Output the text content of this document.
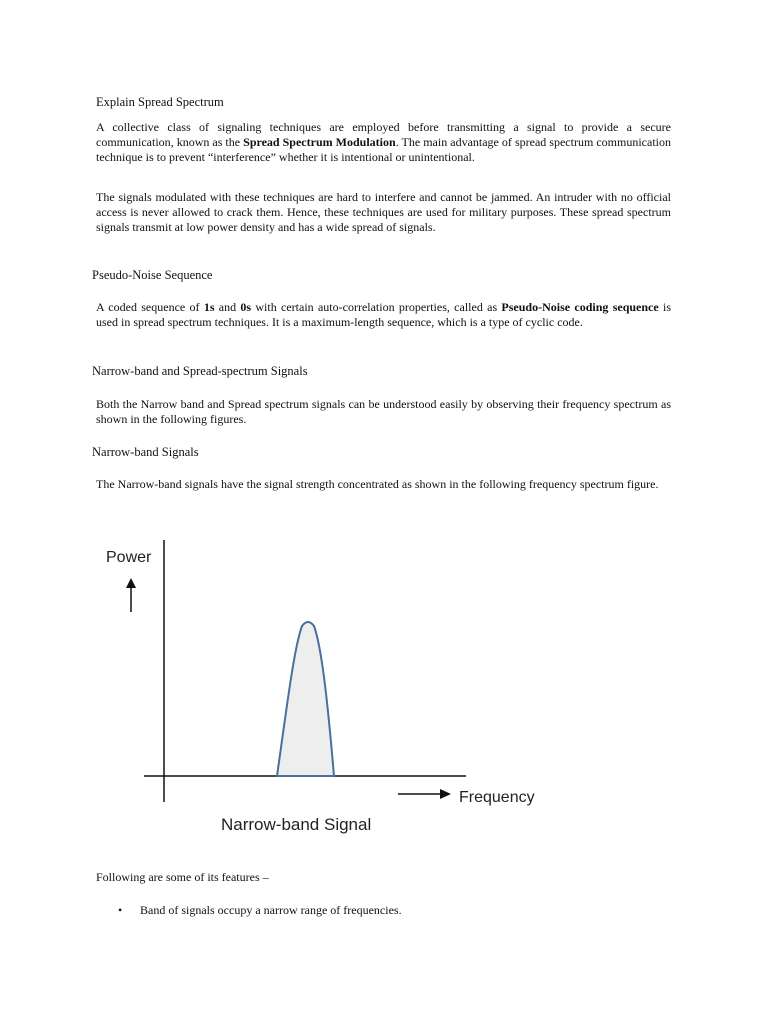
Explain Spread Spectrum
A collective class of signaling techniques are employed before transmitting a signal to provide a secure communication, known as the Spread Spectrum Modulation. The main advantage of spread spectrum communication technique is to prevent “interference” whether it is intentional or unintentional.
The signals modulated with these techniques are hard to interfere and cannot be jammed. An intruder with no official access is never allowed to crack them. Hence, these techniques are used for military purposes. These spread spectrum signals transmit at low power density and has a wide spread of signals.
Pseudo-Noise Sequence
A coded sequence of 1s and 0s with certain auto-correlation properties, called as Pseudo-Noise coding sequence is used in spread spectrum techniques. It is a maximum-length sequence, which is a type of cyclic code.
Narrow-band and Spread-spectrum Signals
Both the Narrow band and Spread spectrum signals can be understood easily by observing their frequency spectrum as shown in the following figures.
Narrow-band Signals
The Narrow-band signals have the signal strength concentrated as shown in the following frequency spectrum figure.
Power
Frequency
Narrow-band Signal
Following are some of its features –
• Band of signals occupy a narrow range of frequencies.
